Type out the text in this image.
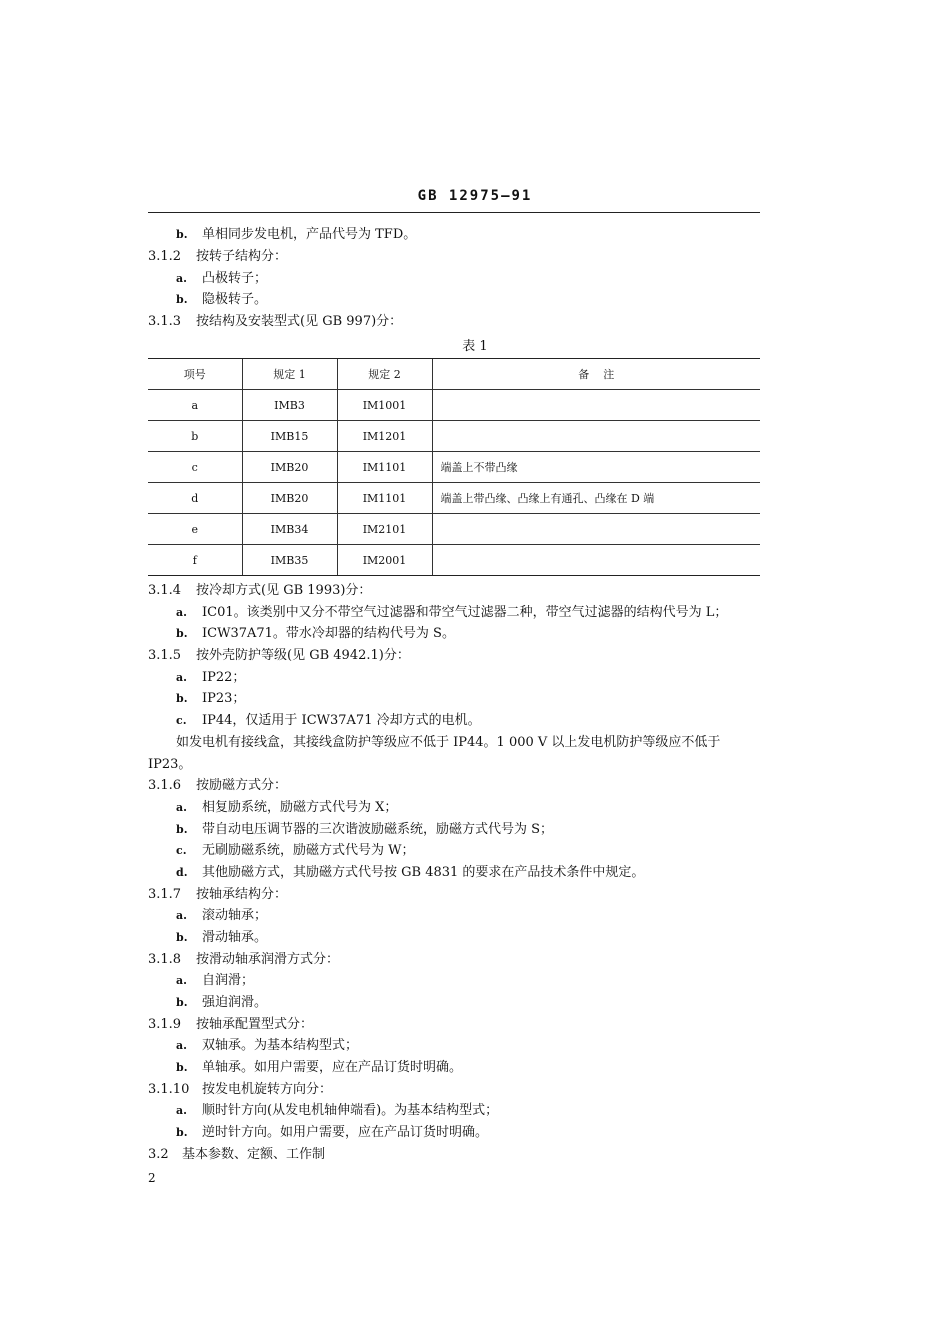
GB 12975—91
b. 单相同步发电机，产品代号为 TFD。
3.1.2 按转子结构分：
a. 凸极转子；
b. 隐极转子。
3.1.3 按结构及安装型式(见 GB 997)分：
表 1
项号	规定 1	规定 2	备    注
a	IMB3	IM1001	
b	IMB15	IM1201	
c	IMB20	IM1101	端盖上不带凸缘
d	IMB20	IM1101	端盖上带凸缘、凸缘上有通孔、凸缘在 D 端
e	IMB34	IM2101	
f	IMB35	IM2001	
3.1.4 按冷却方式(见 GB 1993)分：
a. IC01。该类别中又分不带空气过滤器和带空气过滤器二种，带空气过滤器的结构代号为 L；
b. ICW37A71。带水冷却器的结构代号为 S。
3.1.5 按外壳防护等级(见 GB 4942.1)分：
a. IP22；
b. IP23；
c. IP44，仅适用于 ICW37A71 冷却方式的电机。
如发电机有接线盒，其接线盒防护等级应不低于 IP44。1 000 V 以上发电机防护等级应不低于
IP23。
3.1.6 按励磁方式分：
a. 相复励系统，励磁方式代号为 X；
b. 带自动电压调节器的三次谐波励磁系统，励磁方式代号为 S；
c. 无刷励磁系统，励磁方式代号为 W；
d. 其他励磁方式，其励磁方式代号按 GB 4831 的要求在产品技术条件中规定。
3.1.7 按轴承结构分：
a. 滚动轴承；
b. 滑动轴承。
3.1.8 按滑动轴承润滑方式分：
a. 自润滑；
b. 强迫润滑。
3.1.9 按轴承配置型式分：
a. 双轴承。为基本结构型式；
b. 单轴承。如用户需要，应在产品订货时明确。
3.1.10 按发电机旋转方向分：
a. 顺时针方向(从发电机轴伸端看)。为基本结构型式；
b. 逆时针方向。如用户需要，应在产品订货时明确。
3.2 基本参数、定额、工作制
2
